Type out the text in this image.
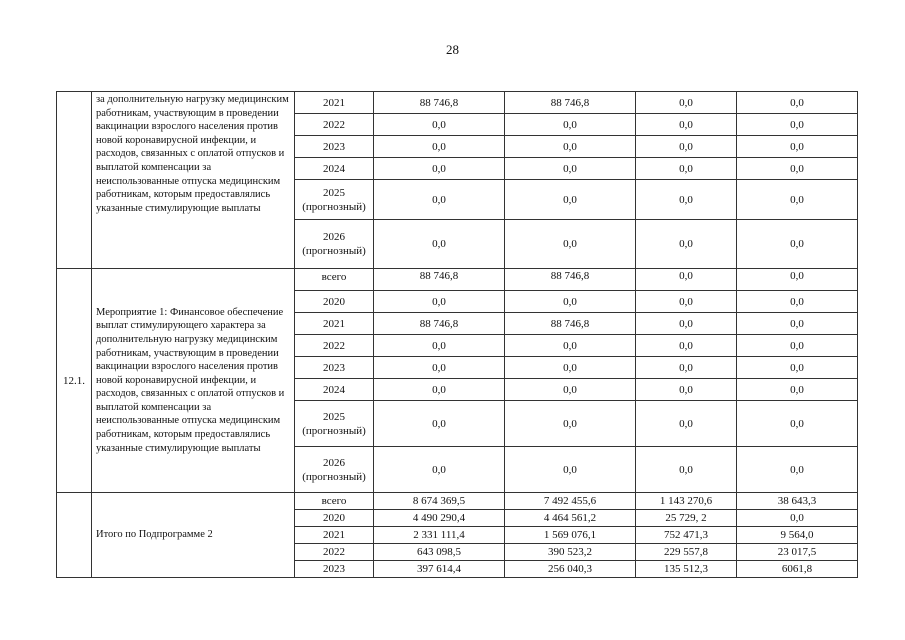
28
	за дополнительную нагрузку медицинским работникам, участвующим в проведении вакцинации взрослого населения против новой коронавирусной инфекции, и расходов, связанных с оплатой отпусков и выплатой компенсации за неиспользованные отпуска медицинским работникам, которым предоставлялись указанные стимулирующие выплаты	2021	88 746,8	88 746,8	0,0	0,0
		2022	0,0	0,0	0,0	0,0
		2023	0,0	0,0	0,0	0,0
		2024	0,0	0,0	0,0	0,0
		2025 (прогнозный)	0,0	0,0	0,0	0,0
		2026 (прогнозный)	0,0	0,0	0,0	0,0
12.1.	Мероприятие 1: Финансовое обеспечение выплат стимулирующего характера за дополнительную нагрузку медицинским работникам, участвующим в проведении вакцинации взрослого населения против новой коронавирусной инфекции, и расходов, связанных с оплатой отпусков и выплатой компенсации за неиспользованные отпуска медицинским работникам, которым предоставлялись указанные стимулирующие выплаты	всего	88 746,8	88 746,8	0,0	0,0
		2020	0,0	0,0	0,0	0,0
		2021	88 746,8	88 746,8	0,0	0,0
		2022	0,0	0,0	0,0	0,0
		2023	0,0	0,0	0,0	0,0
		2024	0,0	0,0	0,0	0,0
		2025 (прогнозный)	0,0	0,0	0,0	0,0
		2026 (прогнозный)	0,0	0,0	0,0	0,0
	Итого по Подпрограмме 2	всего	8 674 369,5	7 492 455,6	1 143 270,6	38 643,3
		2020	4 490 290,4	4 464 561,2	25 729, 2	0,0
		2021	2 331 111,4	1 569 076,1	752 471,3	9 564,0
		2022	643 098,5	390 523,2	229 557,8	23 017,5
		2023	397 614,4	256 040,3	135 512,3	6061,8
